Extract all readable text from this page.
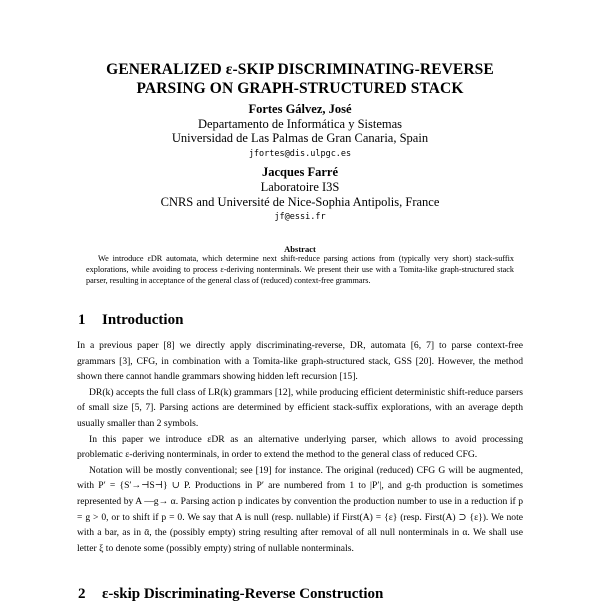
GENERALIZED ε-SKIP DISCRIMINATING-REVERSE
PARSING ON GRAPH-STRUCTURED STACK
Fortes Gálvez, José
Departamento de Informática y Sistemas
Universidad de Las Palmas de Gran Canaria, Spain
jfortes@dis.ulpgc.es
Jacques Farré
Laboratoire I3S
CNRS and Université de Nice-Sophia Antipolis, France
jf@essi.fr
Abstract
We introduce εDR automata, which determine next shift-reduce parsing actions from (typically very short) stack-suffix explorations, while avoiding to process ε-deriving nonterminals. We present their use with a Tomita-like graph-structured stack parser, resulting in acceptance of the general class of (reduced) context-free grammars.
1 Introduction

In a previous paper [8] we directly apply discriminating-reverse, DR, automata [6, 7] to parse context-free grammars [3], CFG, in combination with a Tomita-like graph-structured stack, GSS [20]. However, the method shown there cannot handle grammars showing hidden left recursion [15].

DR(k) accepts the full class of LR(k) grammars [12], while producing efficient deterministic shift-reduce parsers of small size [5, 7]. Parsing actions are determined by efficient stack-suffix explorations, with an average depth usually smaller than 2 symbols.

In this paper we introduce εDR as an alternative underlying parser, which allows to avoid processing problematic ε-deriving nonterminals, in order to extend the method to the general class of reduced CFG.

Notation will be mostly conventional; see [19] for instance. The original (reduced) CFG G will be augmented, with P′ = {S′→⊣S⊣} ∪ P. Productions in P′ are numbered from 1 to |P′|, and g-th production is sometimes represented by A —g→ α. Parsing action p indicates by convention the production number to use in a reduction if p = g > 0, or to shift if p = 0. We say that A is null (resp. nullable) if First(A) = {ε} (resp. First(A) ⊃ {ε}). We note with a bar, as in ᾱ, the (possibly empty) string resulting after removal of all null nonterminals in α. We shall use letter ξ to denote some (possibly empty) string of nullable nonterminals.

2 ε-skip Discriminating-Reverse Construction
